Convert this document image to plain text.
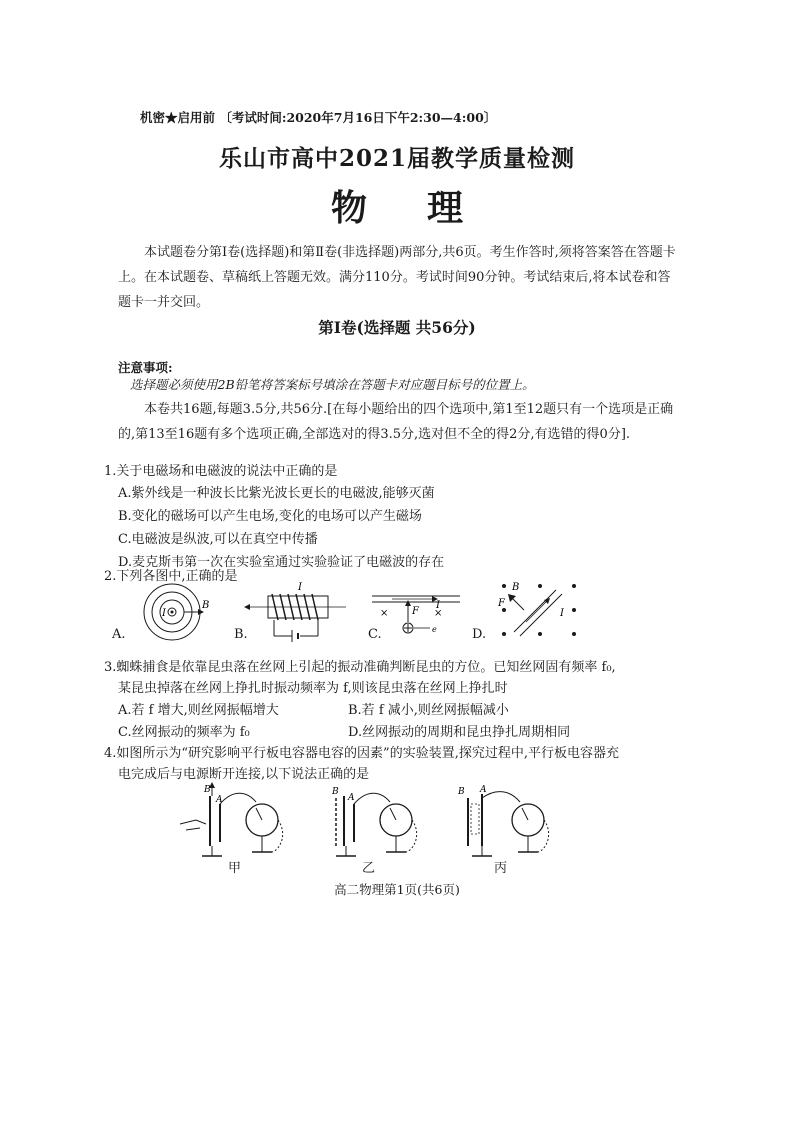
机密★启用前 〔考试时间:2020年7月16日下午2:30—4:00〕
乐山市高中2021届教学质量检测
物理
本试题卷分第Ⅰ卷(选择题)和第Ⅱ卷(非选择题)两部分,共6页。考生作答时,须将答案答在答题卡上。在本试题卷、草稿纸上答题无效。满分110分。考试时间90分钟。考试结束后,将本试卷和答题卡一并交回。
第Ⅰ卷(选择题 共56分)
注意事项:
选择题必须使用2B铅笔将答案标号填涂在答题卡对应题目标号的位置上。
本卷共16题,每题3.5分,共56分.[在每小题给出的四个选项中,第1至12题只有一个选项是正确的,第13至16题有多个选项正确,全部选对的得3.5分,选对但不全的得2分,有选错的得0分].
1.关于电磁场和电磁波的说法中正确的是
A.紫外线是一种波长比紫光波长更长的电磁波,能够灭菌
B.变化的磁场可以产生电场,变化的电场可以产生磁场
C.电磁波是纵波,可以在真空中传播
D.麦克斯韦第一次在实验室通过实验验证了电磁波的存在
2.下列各图中,正确的是
A.
I
B
B.
I
C.
×	×
F
I
e	D.
B
F
I
3.蜘蛛捕食是依靠昆虫落在丝网上引起的振动准确判断昆虫的方位。已知丝网固有频率 f₀,
某昆虫掉落在丝网上挣扎时振动频率为 f,则该昆虫落在丝网上挣扎时
A.若 f 增大,则丝网振幅增大	B.若 f 减小,则丝网振幅减小
C.丝网振动的频率为 f₀	D.丝网振动的周期和昆虫挣扎周期相同
4.如图所示为“研究影响平行板电容器电容的因素”的实验装置,探究过程中,平行板电容器充
电完成后与电源断开连接,以下说法正确的是
B
A
甲
B
A
乙
B A
丙
高二物理第1页(共6页)
